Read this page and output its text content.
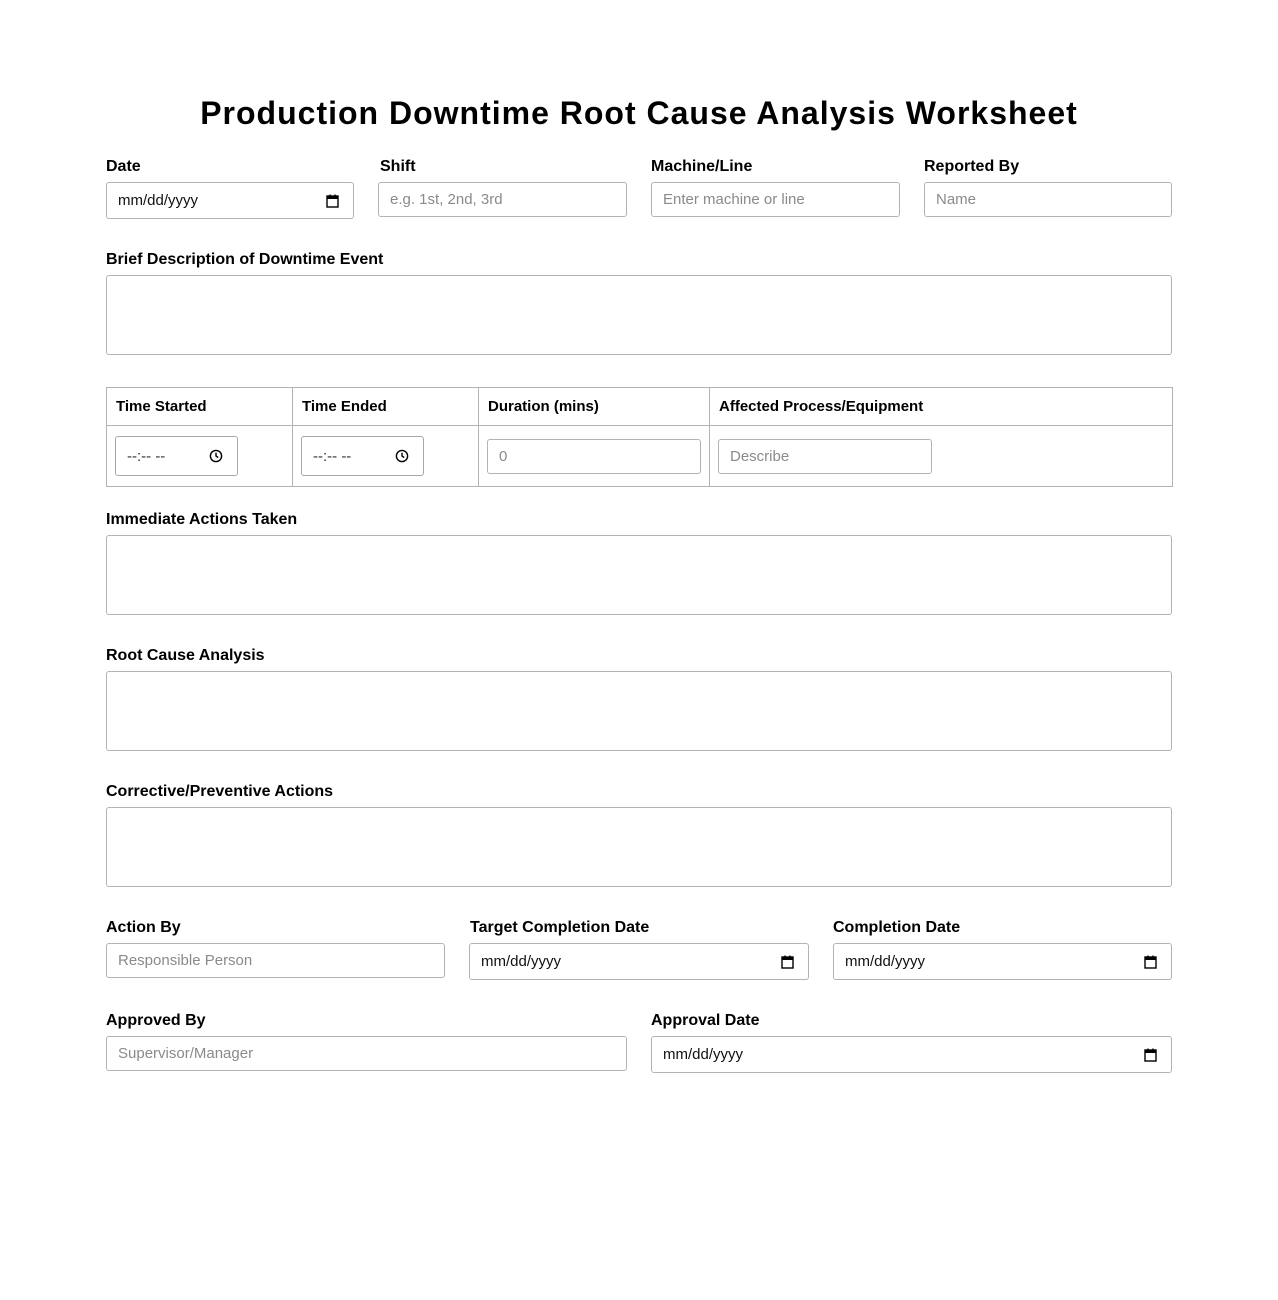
Production Downtime Root Cause Analysis Worksheet
Date
mm/dd/yyyy
Shift
e.g. 1st, 2nd, 3rd
Machine/Line
Enter machine or line
Reported By
Name
Brief Description of Downtime Event
Time Started	Time Ended	Duration (mins)	Affected Process/Equipment

--:-- --	--:-- --	0	Describe
Immediate Actions Taken
Root Cause Analysis
Corrective/Preventive Actions
Action By
Responsible Person
Target Completion Date
mm/dd/yyyy
Completion Date
mm/dd/yyyy
Approved By
Supervisor/Manager
Approval Date
mm/dd/yyyy
